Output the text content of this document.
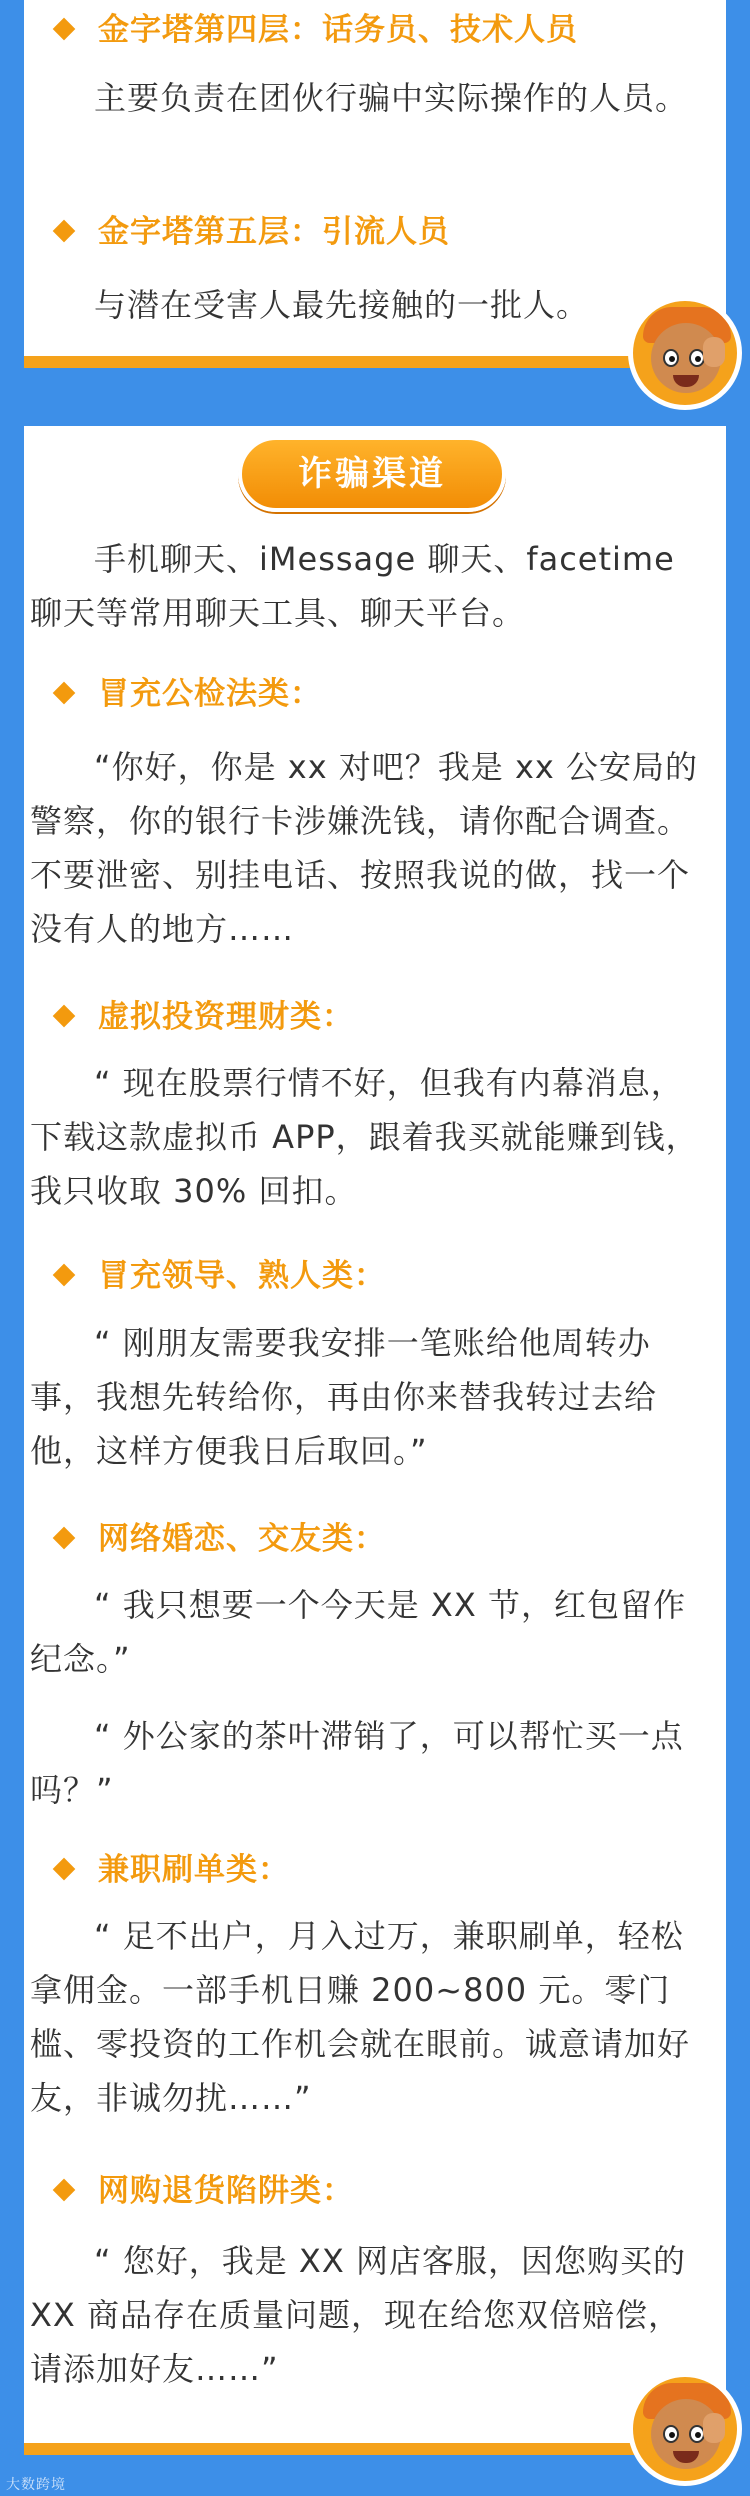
金字塔第四层：话务员、技术人员

主要负责在团伙行骗中实际操作的人员。

金字塔第五层：引流人员

与潜在受害人最先接触的一批人。

诈骗渠道

手机聊天、iMessage 聊天、facetime 聊天等常用聊天工具、聊天平台。

冒充公检法类：

“你好，你是 xx 对吧？我是 xx 公安局的警察，你的银行卡涉嫌洗钱，请你配合调查。不要泄密、别挂电话、按照我说的做，找一个没有人的地方……

虚拟投资理财类：

“ 现在股票行情不好，但我有内幕消息，下载这款虚拟币 APP，跟着我买就能赚到钱，我只收取 30% 回扣。

冒充领导、熟人类：

“ 刚朋友需要我安排一笔账给他周转办事，我想先转给你，再由你来替我转过去给他，这样方便我日后取回。”

网络婚恋、交友类：

“ 我只想要一个今天是 XX 节，红包留作纪念。”

“ 外公家的茶叶滞销了，可以帮忙买一点吗？”

兼职刷单类：

“ 足不出户，月入过万，兼职刷单，轻松拿佣金。一部手机日赚 200~800 元。零门槛、零投资的工作机会就在眼前。诚意请加好友，非诚勿扰……”

网购退货陷阱类：

“ 您好，我是 XX 网店客服，因您购买的 XX 商品存在质量问题，现在给您双倍赔偿，请添加好友……”

大数跨境
